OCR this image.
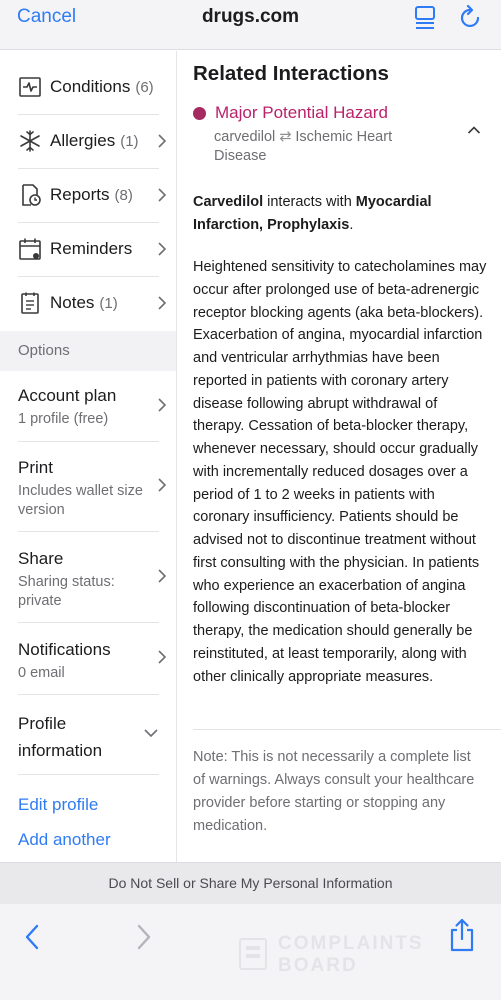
Cancel	drugs.com
Conditions (6)
Allergies (1)
Reports (8)
Reminders
Notes (1)
Options
Account plan
1 profile (free)
Print
Includes wallet size version
Share
Sharing status: private
Notifications
0 email
Profile information
Edit profile
Add another
Related Interactions
Major Potential Hazard
carvedilol ⇄ Ischemic Heart Disease

Carvedilol interacts with Myocardial Infarction, Prophylaxis.

Heightened sensitivity to catecholamines may occur after prolonged use of beta-adrenergic receptor blocking agents (aka beta-blockers). Exacerbation of angina, myocardial infarction and ventricular arrhythmias have been reported in patients with coronary artery disease following abrupt withdrawal of therapy. Cessation of beta-blocker therapy, whenever necessary, should occur gradually with incrementally reduced dosages over a period of 1 to 2 weeks in patients with coronary insufficiency. Patients should be advised not to discontinue treatment without first consulting with the physician. In patients who experience an exacerbation of angina following discontinuation of beta-blocker therapy, the medication should generally be reinstituted, at least temporarily, along with other clinically appropriate measures.

Note: This is not necessarily a complete list of warnings. Always consult your healthcare provider before starting or stopping any medication.

Do Not Sell or Share My Personal Information
COMPLAINTS BOARD
